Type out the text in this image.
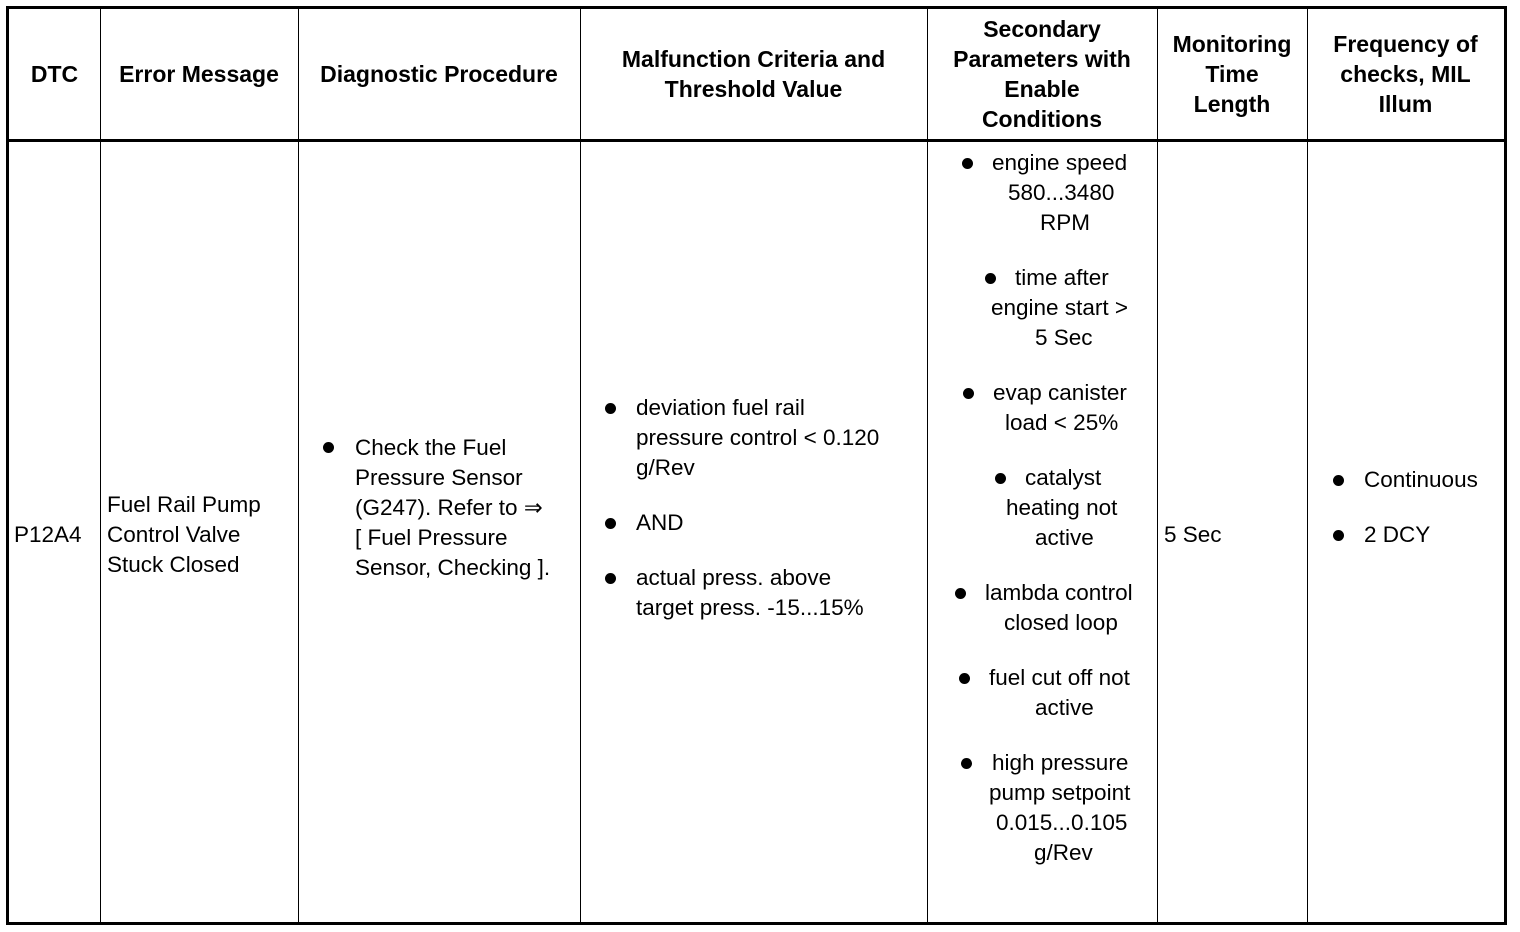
DTC Error Message Diagnostic Procedure
Malfunction Criteria and
Threshold Value
Secondary
Parameters with
Enable
Conditions
Monitoring
Time
Length
Frequency of
checks, MIL
Illum
P12A4
Fuel Rail Pump
Control Valve
Stuck Closed
Check the Fuel
Pressure Sensor
(G247). Refer to ⇒
[ Fuel Pressure
Sensor, Checking ].
deviation fuel rail
pressure control < 0.120
g/Rev
AND
actual press. above
target press. -15...15%
engine speed
580...3480
RPM
time after
engine start >
5 Sec
evap canister
load < 25%
catalyst
heating not
active
lambda control
closed loop
fuel cut off not
active
high pressure
pump setpoint
0.015...0.105
g/Rev
5 Sec
Continuous
2 DCY
